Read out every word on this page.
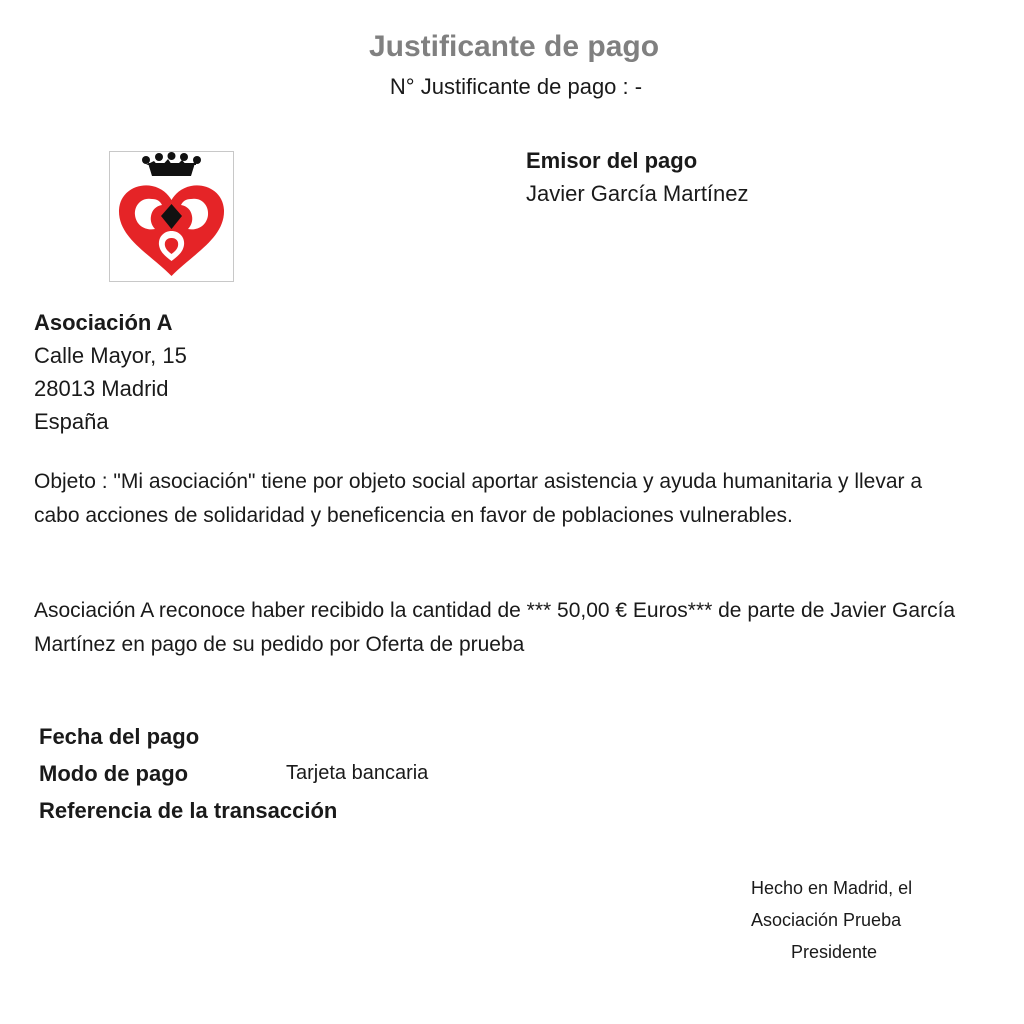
Justificante de pago
N° Justificante de pago : -
Emisor del pago
Javier García Martínez
Asociación A
Calle Mayor, 15
28013 Madrid
España
Objeto : "Mi asociación" tiene por objeto social aportar asistencia y ayuda humanitaria y llevar a cabo acciones de solidaridad y beneficencia en favor de poblaciones vulnerables.
Asociación A reconoce haber recibido la cantidad de *** 50,00 € Euros*** de parte de Javier García Martínez en pago de su pedido por Oferta de prueba
Fecha del pago
Modo de pago	Tarjeta bancaria
Referencia de la transacción
Hecho en Madrid, el
Asociación Prueba
Presidente
